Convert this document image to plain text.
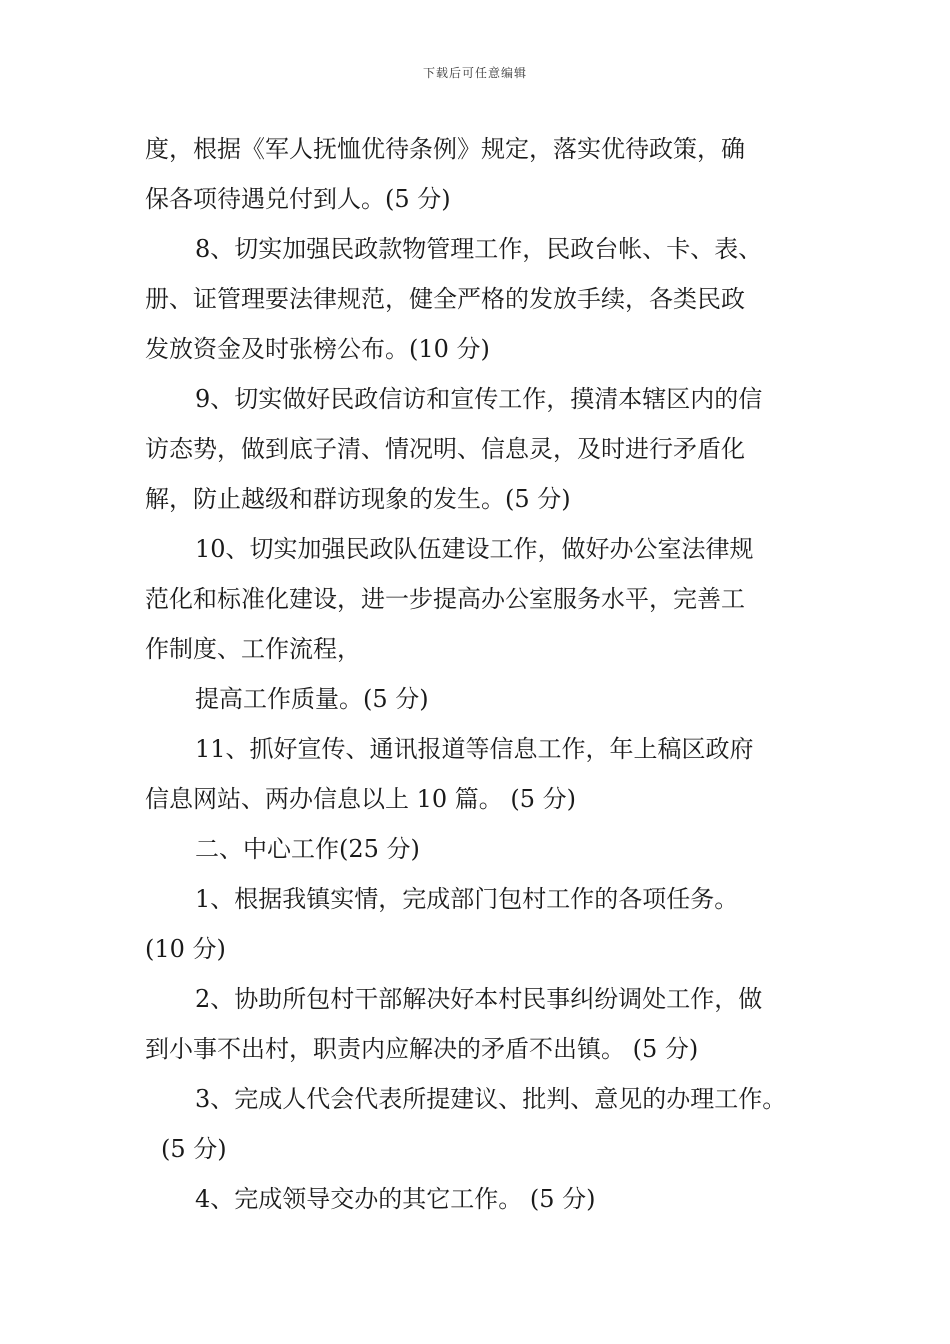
下载后可任意编辑
度，根据《军人抚恤优待条例》规定，落实优待政策，确
保各项待遇兑付到人。(5 分)
8、切实加强民政款物管理工作，民政台帐、卡、表、
册、证管理要法律规范，健全严格的发放手续，各类民政
发放资金及时张榜公布。(10 分)
9、切实做好民政信访和宣传工作，摸清本辖区内的信
访态势，做到底子清、情况明、信息灵，及时进行矛盾化
解，防止越级和群访现象的发生。(5 分)
10、切实加强民政队伍建设工作，做好办公室法律规
范化和标准化建设，进一步提高办公室服务水平，完善工
作制度、工作流程，
提高工作质量。(5 分)
11、抓好宣传、通讯报道等信息工作，年上稿区政府
信息网站、两办信息以上 10 篇。 (5 分)
二、中心工作(25 分)
1、根据我镇实情，完成部门包村工作的各项任务。
(10 分)
2、协助所包村干部解决好本村民事纠纷调处工作，做
到小事不出村，职责内应解决的矛盾不出镇。 (5 分)
3、完成人代会代表所提建议、批判、意见的办理工作。
(5 分)
4、完成领导交办的其它工作。 (5 分)
